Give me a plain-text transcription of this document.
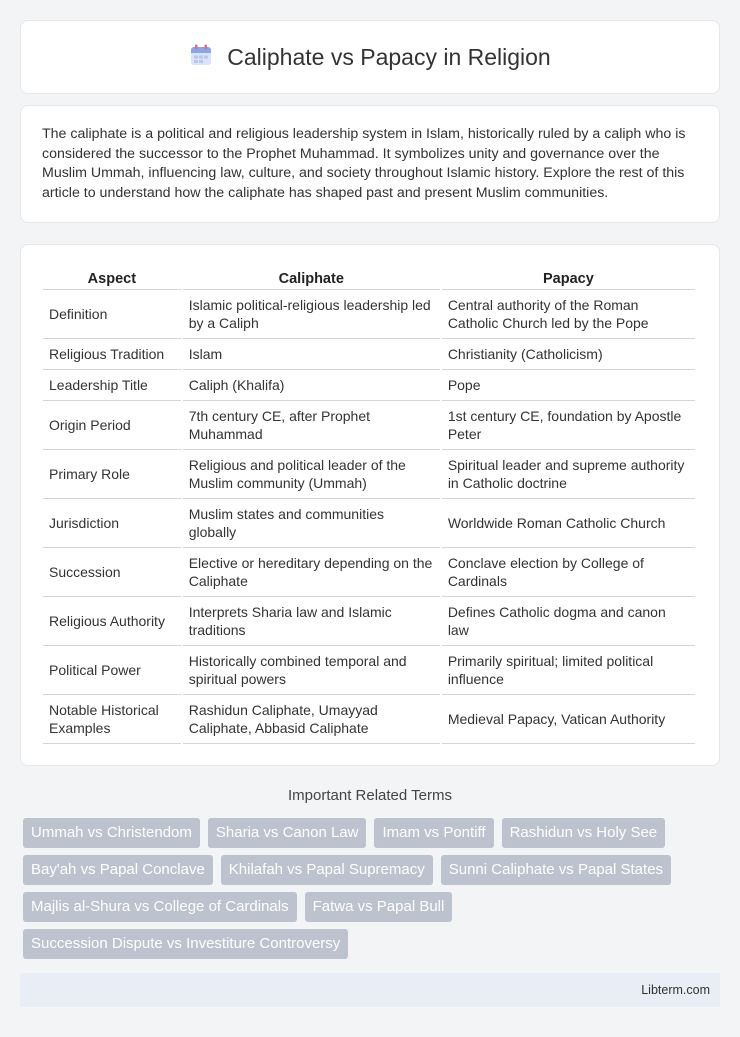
Caliphate vs Papacy in Religion

The caliphate is a political and religious leadership system in Islam, historically ruled by a caliph who is considered the successor to the Prophet Muhammad. It symbolizes unity and governance over the Muslim Ummah, influencing law, culture, and society throughout Islamic history. Explore the rest of this article to understand how the caliphate has shaped past and present Muslim communities.

Aspect	Caliphate	Papacy
Definition	Islamic political-religious leadership led by a Caliph	Central authority of the Roman Catholic Church led by the Pope
Religious Tradition	Islam	Christianity (Catholicism)
Leadership Title	Caliph (Khalifa)	Pope
Origin Period	7th century CE, after Prophet Muhammad	1st century CE, foundation by Apostle Peter
Primary Role	Religious and political leader of the Muslim community (Ummah)	Spiritual leader and supreme authority in Catholic doctrine
Jurisdiction	Muslim states and communities globally	Worldwide Roman Catholic Church
Succession	Elective or hereditary depending on the Caliphate	Conclave election by College of Cardinals
Religious Authority	Interprets Sharia law and Islamic traditions	Defines Catholic dogma and canon law
Political Power	Historically combined temporal and spiritual powers	Primarily spiritual; limited political influence
Notable Historical Examples	Rashidun Caliphate, Umayyad Caliphate, Abbasid Caliphate	Medieval Papacy, Vatican Authority
Important Related Terms
Ummah vs Christendom	Sharia vs Canon Law	Imam vs Pontiff	Rashidun vs Holy See
Bay'ah vs Papal Conclave	Khilafah vs Papal Supremacy	Sunni Caliphate vs Papal States
Majlis al-Shura vs College of Cardinals	Fatwa vs Papal Bull
Succession Dispute vs Investiture Controversy
Libterm.com
